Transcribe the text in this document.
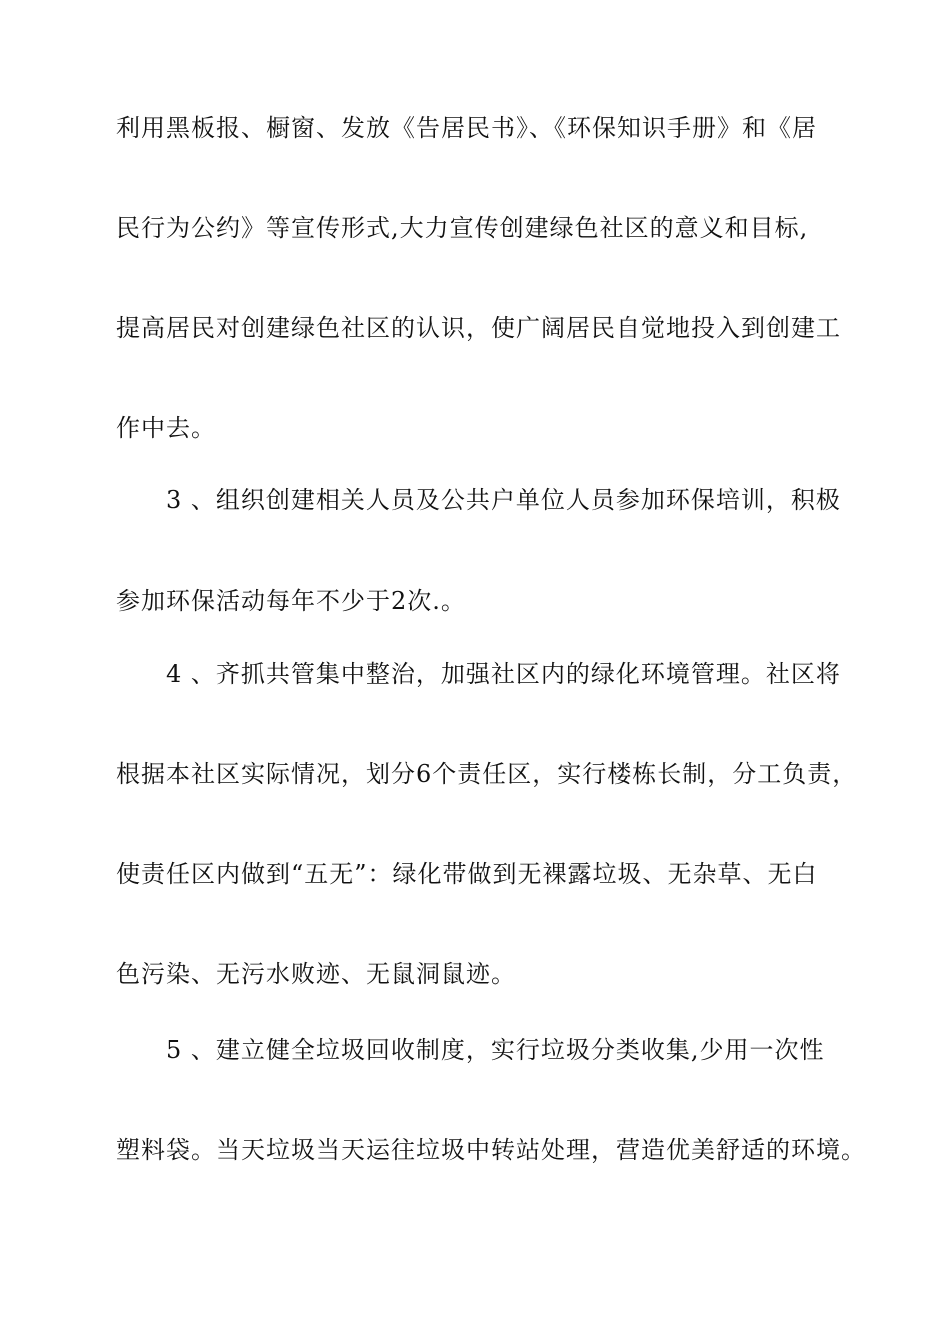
利用黑板报、橱窗、发放《告居民书》、《环保知识手册》和《居
民行为公约》等宣传形式,大力宣传创建绿色社区的意义和目标,
提高居民对创建绿色社区的认识，使广阔居民自觉地投入到创建工
作中去。
3 、组织创建相关人员及公共户单位人员参加环保培训，积极
参加环保活动每年不少于2次.。
4 、齐抓共管集中整治，加强社区内的绿化环境管理。社区将
根据本社区实际情况，划分6个责任区，实行楼栋长制，分工负责，
使责任区内做到“五无”：绿化带做到无裸露垃圾、无杂草、无白
色污染、无污水败迹、无鼠洞鼠迹。
5 、建立健全垃圾回收制度，实行垃圾分类收集,少用一次性
塑料袋。当天垃圾当天运往垃圾中转站处理，营造优美舒适的环境。
